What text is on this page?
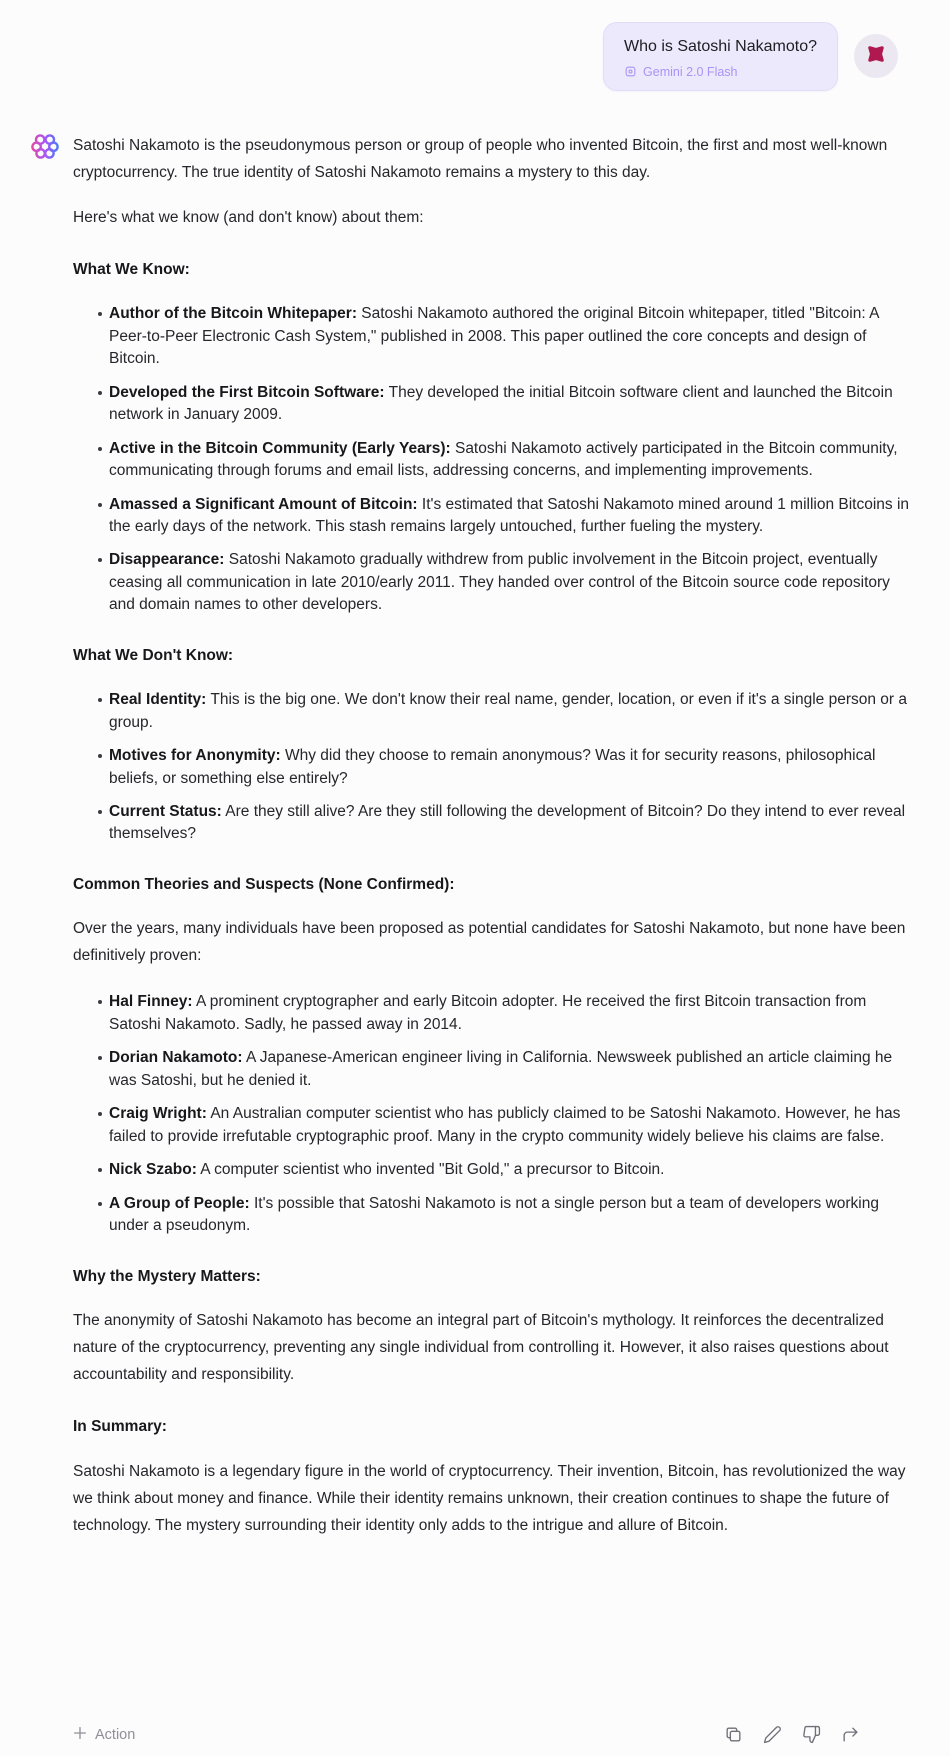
Who is Satoshi Nakamoto?
Gemini 2.0 Flash

Satoshi Nakamoto is the pseudonymous person or group of people who invented Bitcoin, the first and most well-known cryptocurrency. The true identity of Satoshi Nakamoto remains a mystery to this day.

Here's what we know (and don't know) about them:

What We Know:

Author of the Bitcoin Whitepaper: Satoshi Nakamoto authored the original Bitcoin whitepaper, titled "Bitcoin: A Peer-to-Peer Electronic Cash System," published in 2008. This paper outlined the core concepts and design of Bitcoin.
Developed the First Bitcoin Software: They developed the initial Bitcoin software client and launched the Bitcoin network in January 2009.
Active in the Bitcoin Community (Early Years): Satoshi Nakamoto actively participated in the Bitcoin community, communicating through forums and email lists, addressing concerns, and implementing improvements.
Amassed a Significant Amount of Bitcoin: It's estimated that Satoshi Nakamoto mined around 1 million Bitcoins in the early days of the network. This stash remains largely untouched, further fueling the mystery.
Disappearance: Satoshi Nakamoto gradually withdrew from public involvement in the Bitcoin project, eventually ceasing all communication in late 2010/early 2011. They handed over control of the Bitcoin source code repository and domain names to other developers.

What We Don't Know:

Real Identity: This is the big one. We don't know their real name, gender, location, or even if it's a single person or a group.
Motives for Anonymity: Why did they choose to remain anonymous? Was it for security reasons, philosophical beliefs, or something else entirely?
Current Status: Are they still alive? Are they still following the development of Bitcoin? Do they intend to ever reveal themselves?

Common Theories and Suspects (None Confirmed):

Over the years, many individuals have been proposed as potential candidates for Satoshi Nakamoto, but none have been definitively proven:

Hal Finney: A prominent cryptographer and early Bitcoin adopter. He received the first Bitcoin transaction from Satoshi Nakamoto. Sadly, he passed away in 2014.
Dorian Nakamoto: A Japanese-American engineer living in California. Newsweek published an article claiming he was Satoshi, but he denied it.
Craig Wright: An Australian computer scientist who has publicly claimed to be Satoshi Nakamoto. However, he has failed to provide irrefutable cryptographic proof. Many in the crypto community widely believe his claims are false.
Nick Szabo: A computer scientist who invented "Bit Gold," a precursor to Bitcoin.
A Group of People: It's possible that Satoshi Nakamoto is not a single person but a team of developers working under a pseudonym.

Why the Mystery Matters:

The anonymity of Satoshi Nakamoto has become an integral part of Bitcoin's mythology. It reinforces the decentralized nature of the cryptocurrency, preventing any single individual from controlling it. However, it also raises questions about accountability and responsibility.

In Summary:

Satoshi Nakamoto is a legendary figure in the world of cryptocurrency. Their invention, Bitcoin, has revolutionized the way we think about money and finance. While their identity remains unknown, their creation continues to shape the future of technology. The mystery surrounding their identity only adds to the intrigue and allure of Bitcoin.

Action
